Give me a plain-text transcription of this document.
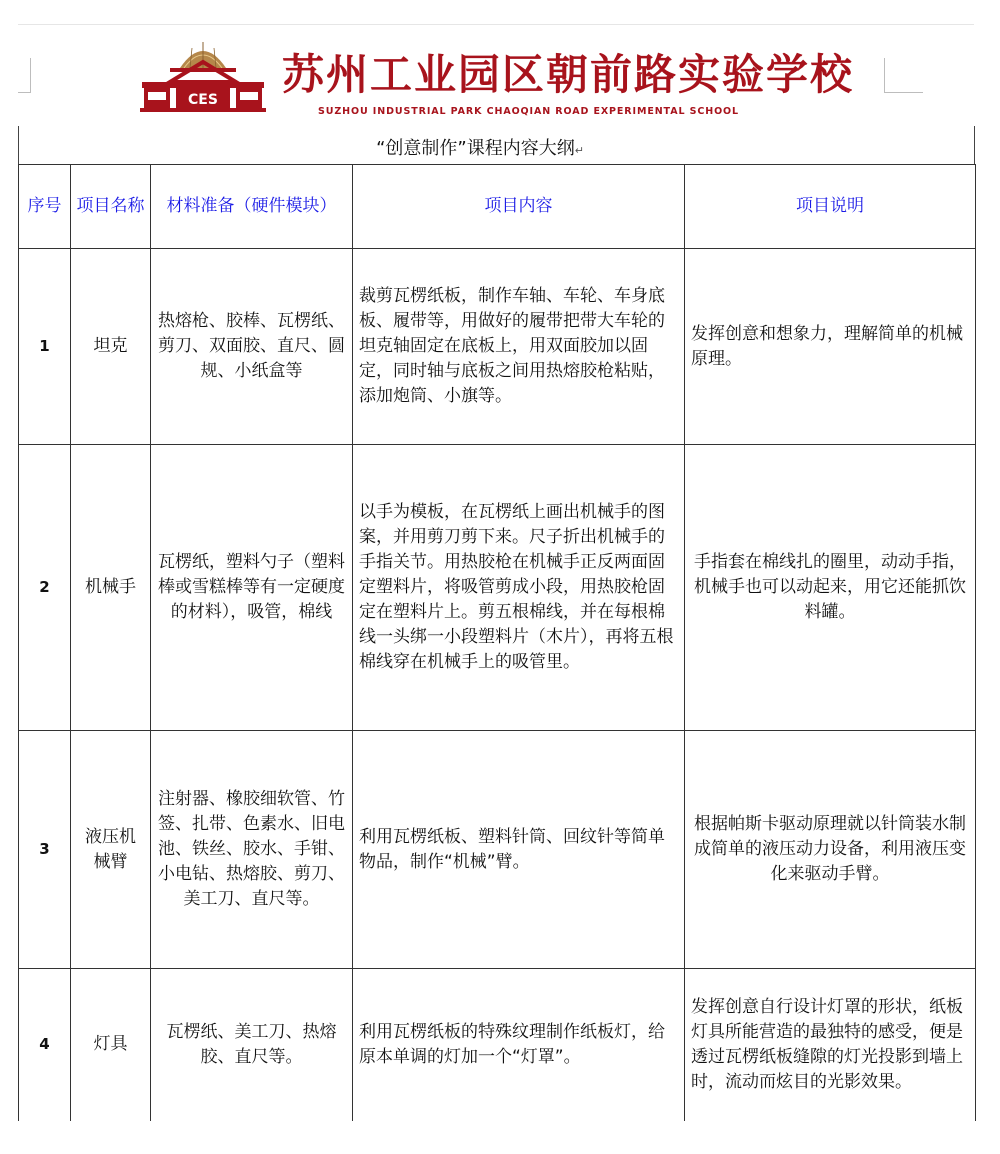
CES
苏州工业园区朝前路实验学校
SUZHOU INDUSTRIAL PARK CHAOQIAN ROAD EXPERIMENTAL SCHOOL
“创意制作”课程内容大纲↵
序号	项目名称	材料准备（硬件模块）	项目内容	项目说明
1	坦克	热熔枪、胶棒、瓦楞纸、剪刀、双面胶、直尺、圆规、小纸盒等	裁剪瓦楞纸板，制作车轴、车轮、车身底板、履带等，用做好的履带把带大车轮的坦克轴固定在底板上，用双面胶加以固定，同时轴与底板之间用热熔胶枪粘贴，添加炮筒、小旗等。	发挥创意和想象力，理解简单的机械原理。
2	机械手	瓦楞纸，塑料勺子（塑料棒或雪糕棒等有一定硬度的材料），吸管，棉线	以手为模板，在瓦楞纸上画出机械手的图案，并用剪刀剪下来。尺子折出机械手的手指关节。用热胶枪在机械手正反两面固定塑料片，将吸管剪成小段，用热胶枪固定在塑料片上。剪五根棉线，并在每根棉线一头绑一小段塑料片（木片），再将五根棉线穿在机械手上的吸管里。	手指套在棉线扎的圈里，动动手指，机械手也可以动起来，用它还能抓饮料罐。
3	液压机械臂	注射器、橡胶细软管、竹签、扎带、色素水、旧电池、铁丝、胶水、手钳、小电钻、热熔胶、剪刀、美工刀、直尺等。	利用瓦楞纸板、塑料针筒、回纹针等简单物品，制作“机械”臂。	根据帕斯卡驱动原理就以针筒装水制成简单的液压动力设备，利用液压变化来驱动手臂。
4	灯具	瓦楞纸、美工刀、热熔胶、直尺等。	利用瓦楞纸板的特殊纹理制作纸板灯，给原本单调的灯加一个“灯罩”。	发挥创意自行设计灯罩的形状，纸板灯具所能营造的最独特的感受，便是透过瓦楞纸板缝隙的灯光投影到墙上时，流动而炫目的光影效果。
